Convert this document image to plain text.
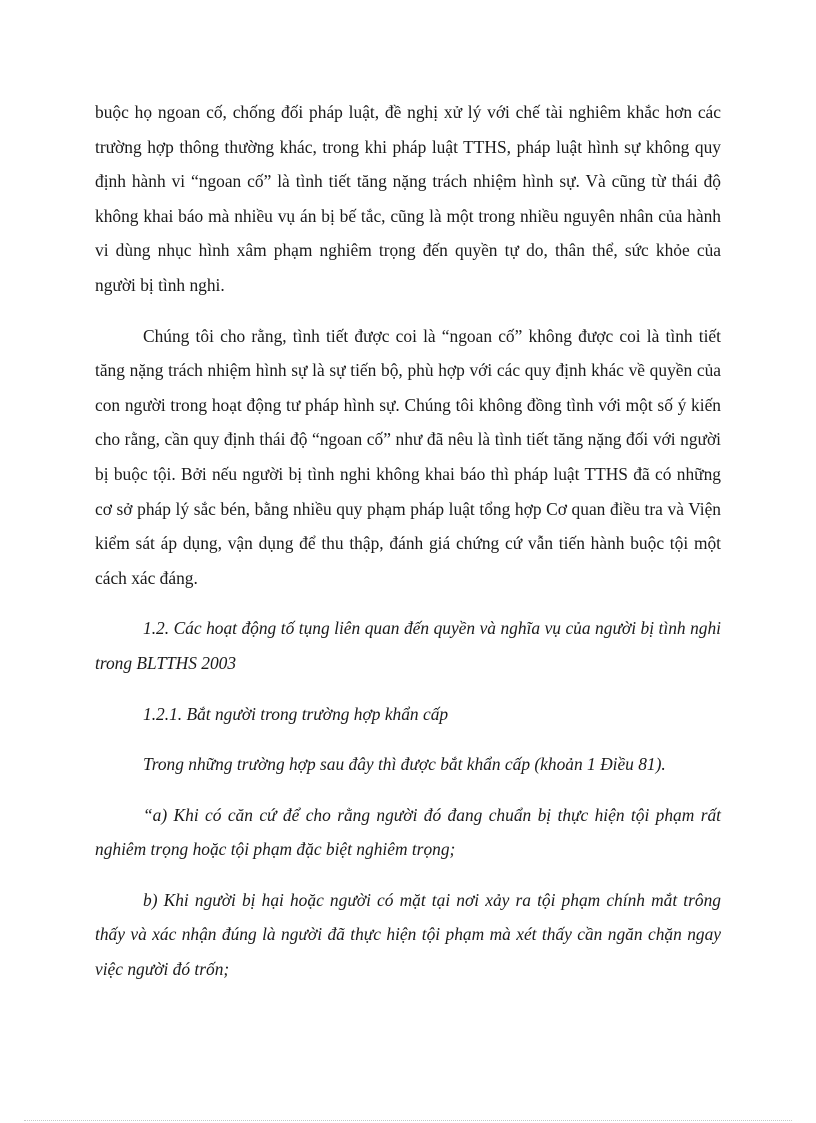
buộc họ ngoan cố, chống đối pháp luật, đề nghị xử lý với chế tài nghiêm khắc hơn các trường hợp thông thường khác, trong khi pháp luật TTHS, pháp luật hình sự không quy định hành vi “ngoan cố” là tình tiết tăng nặng trách nhiệm hình sự. Và cũng từ thái độ không khai báo mà nhiều vụ án bị bế tắc, cũng là một trong nhiều nguyên nhân của hành vi dùng nhục hình xâm phạm nghiêm trọng đến quyền tự do, thân thể, sức khỏe của người bị tình nghi.

Chúng tôi cho rằng, tình tiết được coi là “ngoan cố” không được coi là tình tiết tăng nặng trách nhiệm hình sự là sự tiến bộ, phù hợp với các quy định khác về quyền của con người trong hoạt động tư pháp hình sự. Chúng tôi không đồng tình với một số ý kiến cho rằng, cần quy định thái độ “ngoan cố” như đã nêu là tình tiết tăng nặng đối với người bị buộc tội. Bởi nếu người bị tình nghi không khai báo thì pháp luật TTHS đã có những cơ sở pháp lý sắc bén, bằng nhiều quy phạm pháp luật tổng hợp Cơ quan điều tra và Viện kiểm sát áp dụng, vận dụng để thu thập, đánh giá chứng cứ vẫn tiến hành buộc tội một cách xác đáng.

1.2. Các hoạt động tố tụng liên quan đến quyền và nghĩa vụ của người bị tình nghi trong BLTTHS 2003

1.2.1. Bắt người trong trường hợp khẩn cấp

Trong những trường hợp sau đây thì được bắt khẩn cấp (khoản 1 Điều 81).

“a) Khi có căn cứ để cho rằng người đó đang chuẩn bị thực hiện tội phạm rất nghiêm trọng hoặc tội phạm đặc biệt nghiêm trọng;

b) Khi người bị hại hoặc người có mặt tại nơi xảy ra tội phạm chính mắt trông thấy và xác nhận đúng là người đã thực hiện tội phạm mà xét thấy cần ngăn chặn ngay việc người đó trốn;
